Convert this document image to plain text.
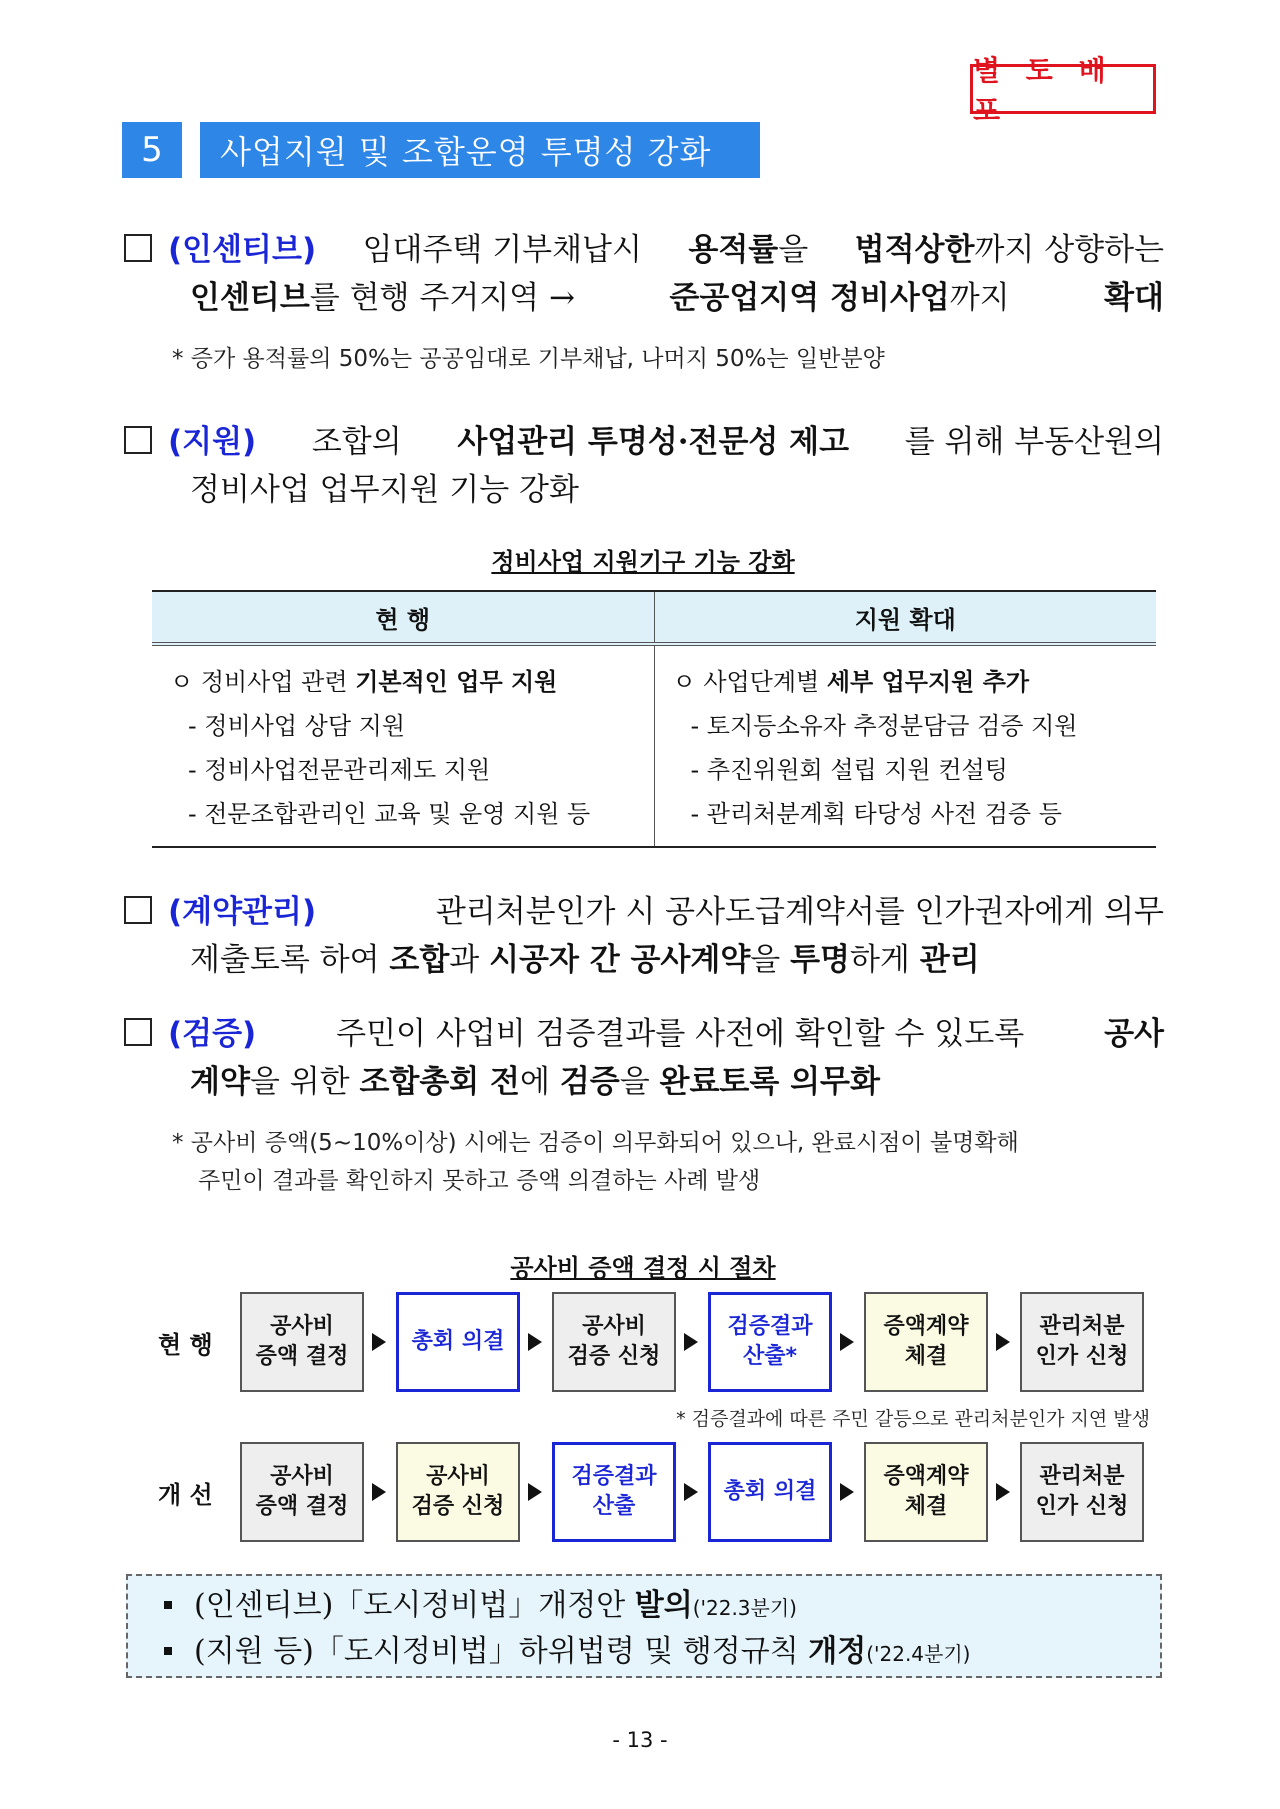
별 도 배 포
5	사업지원 및 조합운영 투명성 강화
(인센티브) 임대주택 기부채납시 용적률을 법적상한까지 상향하는
인센티브를 현행 주거지역 →	준공업지역 정비사업까지	확대
* 증가 용적률의 50%는 공공임대로 기부채납, 나머지 50%는 일반분양
(지원) 조합의 사업관리 투명성·전문성 제고 를 위해 부동산원의
정비사업 업무지원 기능 강화
정비사업 지원기구 기능 강화
현 행	지원 확대
ㅇ 정비사업 관련 기본적인 업무 지원
- 정비사업 상담 지원
- 정비사업전문관리제도 지원
- 전문조합관리인 교육 및 운영 지원 등
ㅇ 사업단계별 세부 업무지원 추가
- 토지등소유자 추정분담금 검증 지원
- 추진위원회 설립 지원 컨설팅
- 관리처분계획 타당성 사전 검증 등
(계약관리)	관리처분인가 시 공사도급계약서를 인가권자에게 의무
제출토록 하여 조합과 시공자 간 공사계약을 투명하게 관리
(검증)	주민이 사업비 검증결과를 사전에 확인할 수 있도록	공사
계약을 위한 조합총회 전에 검증을 완료토록 의무화
* 공사비 증액(5~10%이상) 시에는 검증이 의무화되어 있으나, 완료시점이 불명확해
주민이 결과를 확인하지 못하고 증액 의결하는 사례 발생
공사비 증액 결정 시 절차
현 행
공사비
증액 결정
총회 의결
공사비
검증 신청
검증결과
산출*
증액계약
체결
관리처분
인가 신청
* 검증결과에 따른 주민 갈등으로 관리처분인가 지연 발생
개 선
공사비
증액 결정
공사비
검증 신청
검증결과
산출
총회 의결
증액계약
체결
관리처분
인가 신청
(인센티브)「도시정비법」개정안 발의('22.3분기)
(지원 등)「도시정비법」하위법령 및 행정규칙 개정('22.4분기)
- 13 -
